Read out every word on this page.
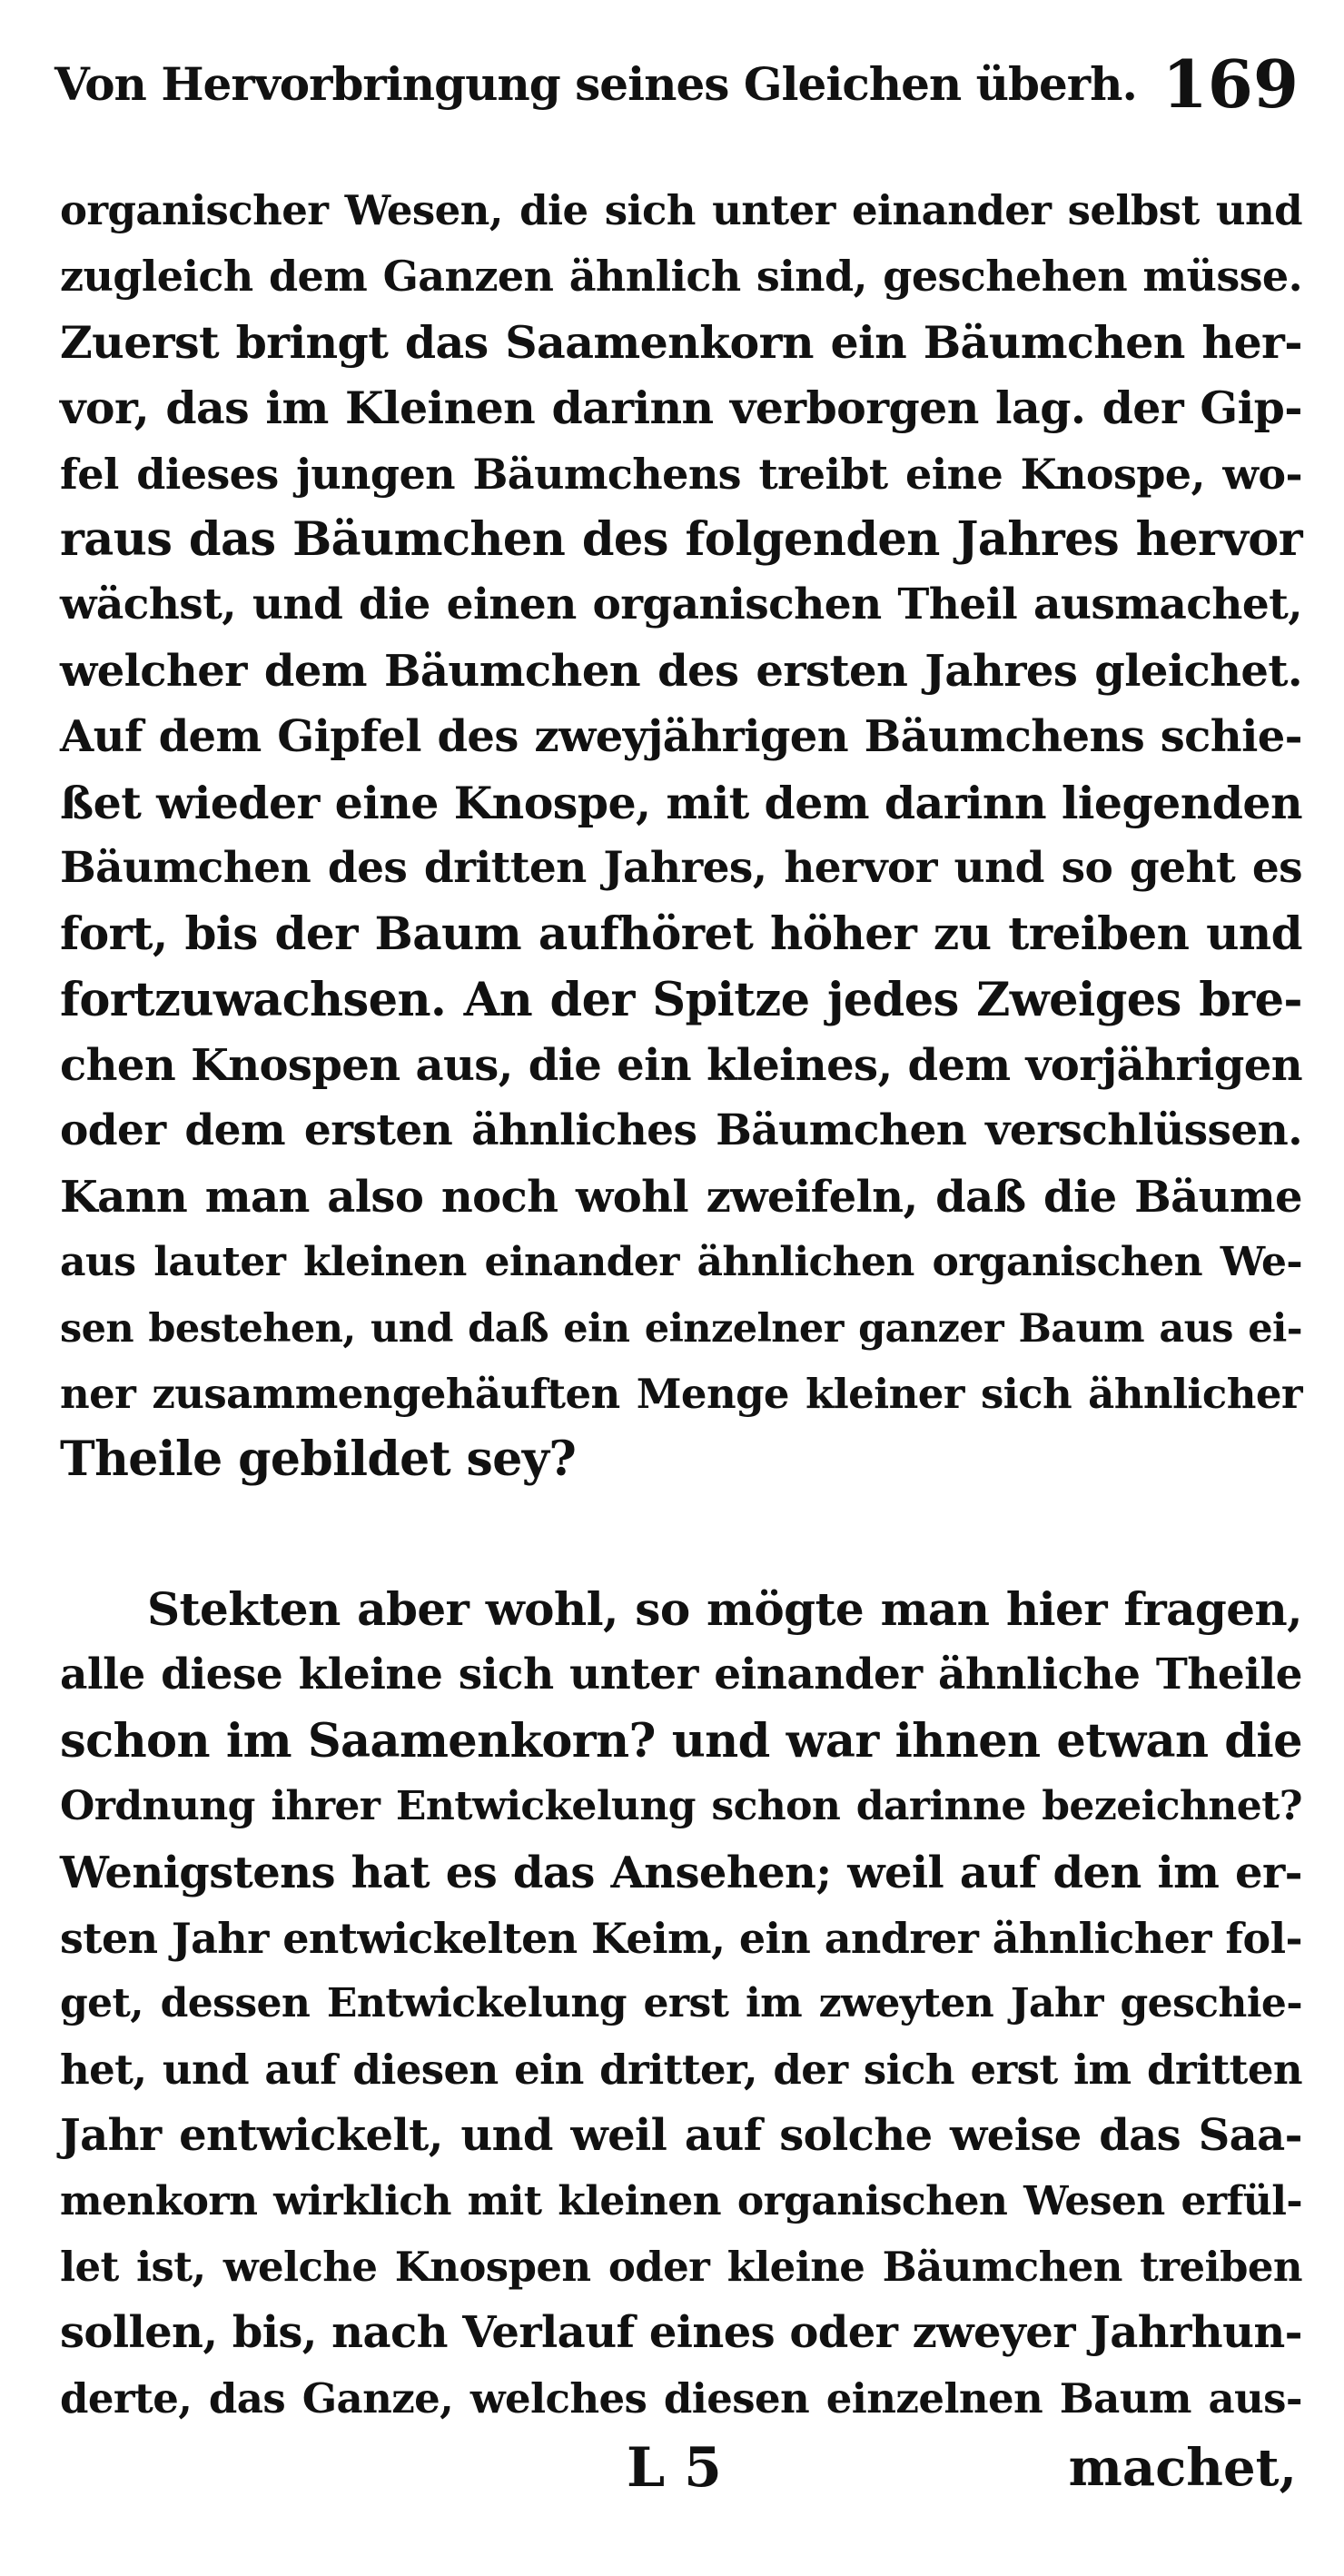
Von Hervorbringung seines Gleichen überh. 169
organischer Wesen, die sich unter einander selbst und
zugleich dem Ganzen ähnlich sind, geschehen müsse.
Zuerst bringt das Saamenkorn ein Bäumchen her-
vor, das im Kleinen darinn verborgen lag. der Gip-
fel dieses jungen Bäumchens treibt eine Knospe, wo-
raus das Bäumchen des folgenden Jahres hervor
wächst, und die einen organischen Theil ausmachet,
welcher dem Bäumchen des ersten Jahres gleichet.
Auf dem Gipfel des zweyjährigen Bäumchens schie-
ßet wieder eine Knospe, mit dem darinn liegenden
Bäumchen des dritten Jahres, hervor und so geht es
fort, bis der Baum aufhöret höher zu treiben und
fortzuwachsen. An der Spitze jedes Zweiges bre-
chen Knospen aus, die ein kleines, dem vorjährigen
oder dem ersten ähnliches Bäumchen verschlüssen.
Kann man also noch wohl zweifeln, daß die Bäume
aus lauter kleinen einander ähnlichen organischen We-
sen bestehen, und daß ein einzelner ganzer Baum aus ei-
ner zusammengehäuften Menge kleiner sich ähnlicher
Theile gebildet sey?
Stekten aber wohl, so mögte man hier fragen,
alle diese kleine sich unter einander ähnliche Theile
schon im Saamenkorn? und war ihnen etwan die
Ordnung ihrer Entwickelung schon darinne bezeichnet?
Wenigstens hat es das Ansehen; weil auf den im er-
sten Jahr entwickelten Keim, ein andrer ähnlicher fol-
get, dessen Entwickelung erst im zweyten Jahr geschie-
het, und auf diesen ein dritter, der sich erst im dritten
Jahr entwickelt, und weil auf solche weise das Saa-
menkorn wirklich mit kleinen organischen Wesen erfül-
let ist, welche Knospen oder kleine Bäumchen treiben
sollen, bis, nach Verlauf eines oder zweyer Jahrhun-
derte, das Ganze, welches diesen einzelnen Baum aus-
L 5	machet,
